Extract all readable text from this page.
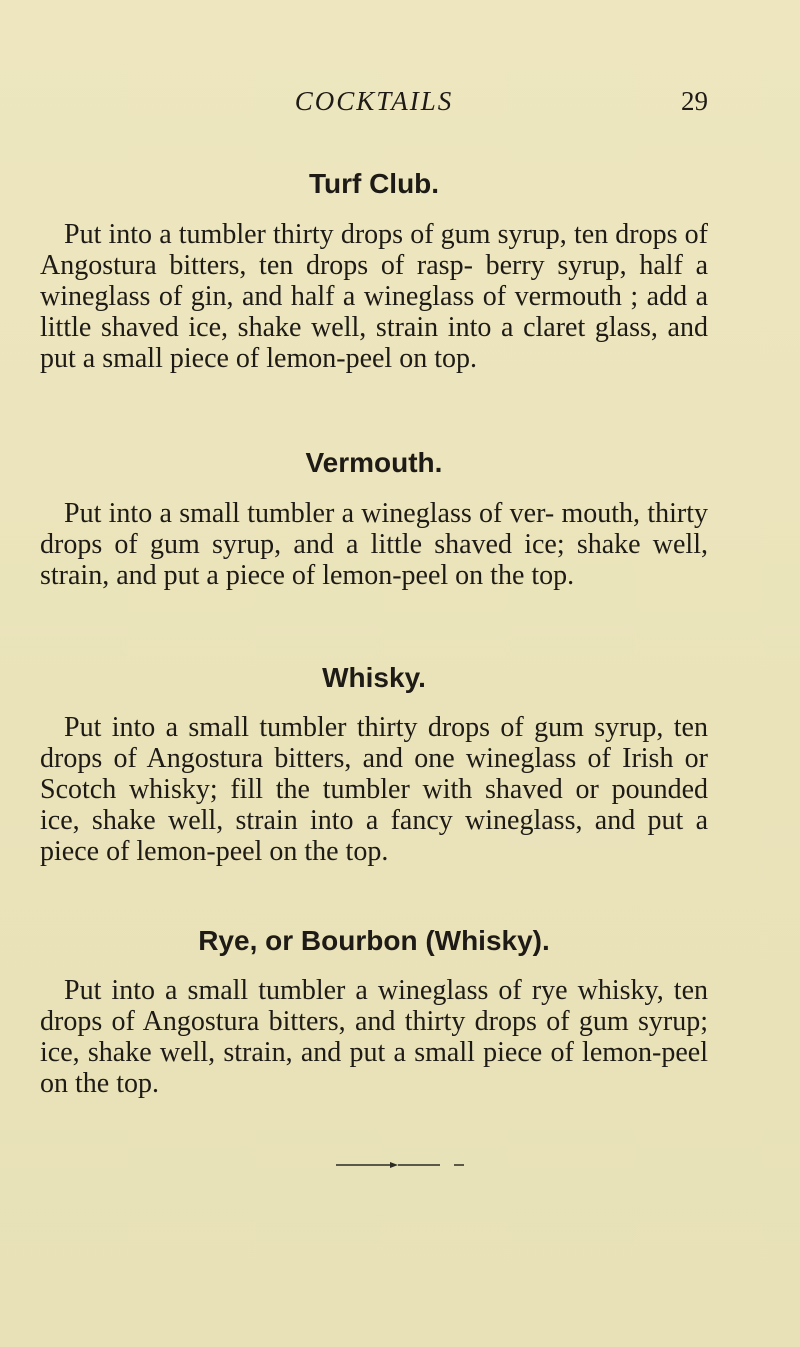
COCKTAILS	29
Turf Club.

Put into a tumbler thirty drops of gum syrup, ten drops of Angostura bitters, ten drops of rasp- berry syrup, half a wineglass of gin, and half a wineglass of vermouth ; add a little shaved ice, shake well, strain into a claret glass, and put a small piece of lemon-peel on top.

Vermouth.

Put into a small tumbler a wineglass of ver- mouth, thirty drops of gum syrup, and a little shaved ice; shake well, strain, and put a piece of lemon-peel on the top.

Whisky.

Put into a small tumbler thirty drops of gum syrup, ten drops of Angostura bitters, and one wineglass of Irish or Scotch whisky; fill the tumbler with shaved or pounded ice, shake well, strain into a fancy wineglass, and put a piece of lemon-peel on the top.

Rye, or Bourbon (Whisky).

Put into a small tumbler a wineglass of rye whisky, ten drops of Angostura bitters, and thirty drops of gum syrup; ice, shake well, strain, and put a small piece of lemon-peel on the top.
